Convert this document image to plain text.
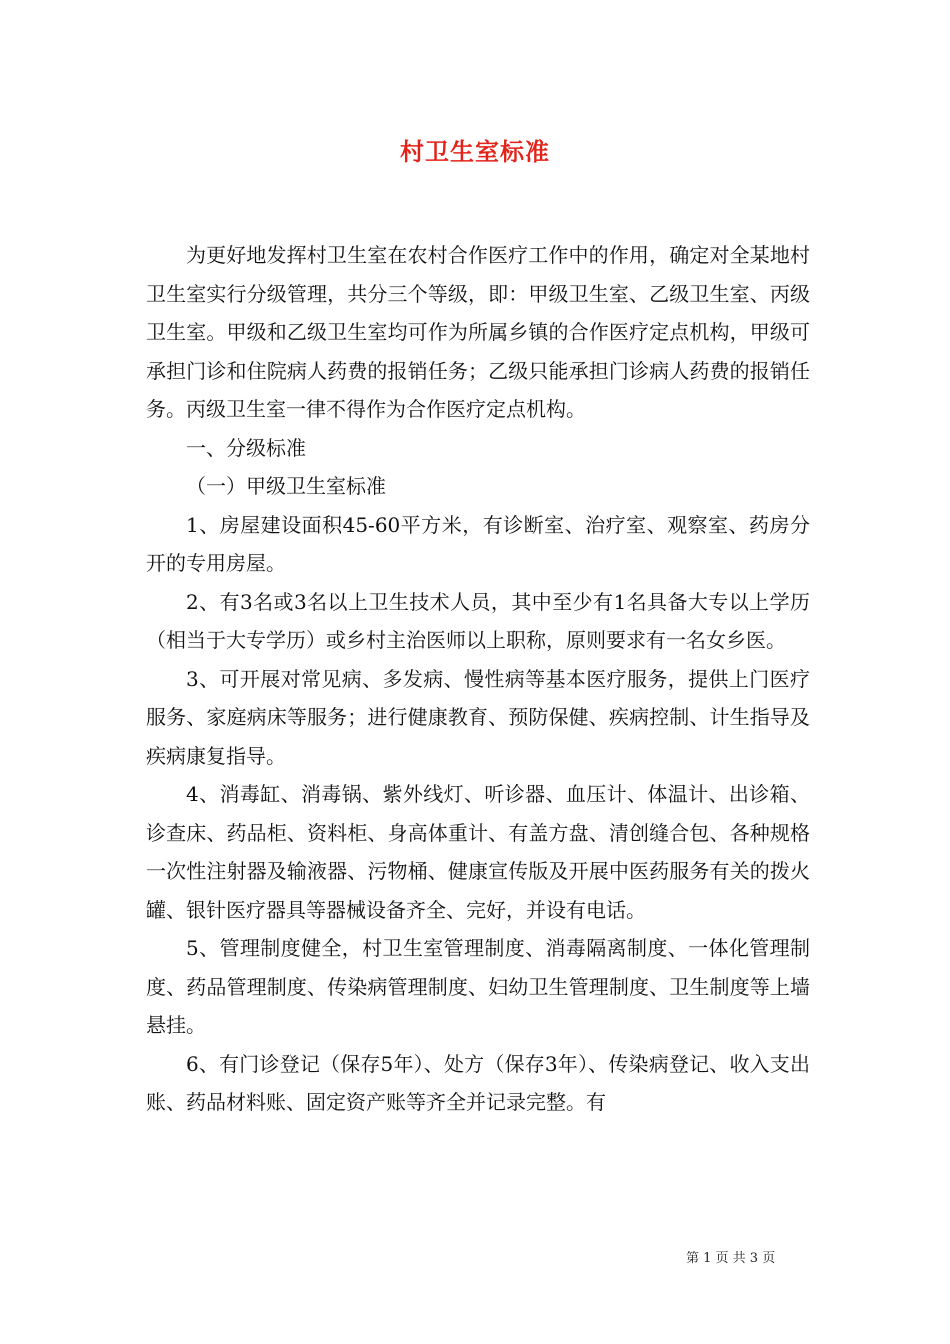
村卫生室标准

为更好地发挥村卫生室在农村合作医疗工作中的作用，确定对全某地村卫生室实行分级管理，共分三个等级，即：甲级卫生室、乙级卫生室、丙级卫生室。甲级和乙级卫生室均可作为所属乡镇的合作医疗定点机构，甲级可承担门诊和住院病人药费的报销任务；乙级只能承担门诊病人药费的报销任务。丙级卫生室一律不得作为合作医疗定点机构。

一、分级标准

（一）甲级卫生室标准

1、房屋建设面积45-60平方米，有诊断室、治疗室、观察室、药房分开的专用房屋。

2、有3名或3名以上卫生技术人员，其中至少有1名具备大专以上学历（相当于大专学历）或乡村主治医师以上职称，原则要求有一名女乡医。

3、可开展对常见病、多发病、慢性病等基本医疗服务，提供上门医疗服务、家庭病床等服务；进行健康教育、预防保健、疾病控制、计生指导及疾病康复指导。

4、消毒缸、消毒锅、紫外线灯、听诊器、血压计、体温计、出诊箱、诊查床、药品柜、资料柜、身高体重计、有盖方盘、清创缝合包、各种规格一次性注射器及输液器、污物桶、健康宣传版及开展中医药服务有关的拨火罐、银针医疗器具等器械设备齐全、完好，并设有电话。

5、管理制度健全，村卫生室管理制度、消毒隔离制度、一体化管理制度、药品管理制度、传染病管理制度、妇幼卫生管理制度、卫生制度等上墙悬挂。

6、有门诊登记（保存5年）、处方（保存3年）、传染病登记、收入支出账、药品材料账、固定资产账等齐全并记录完整。有

第 1 页 共 3 页
